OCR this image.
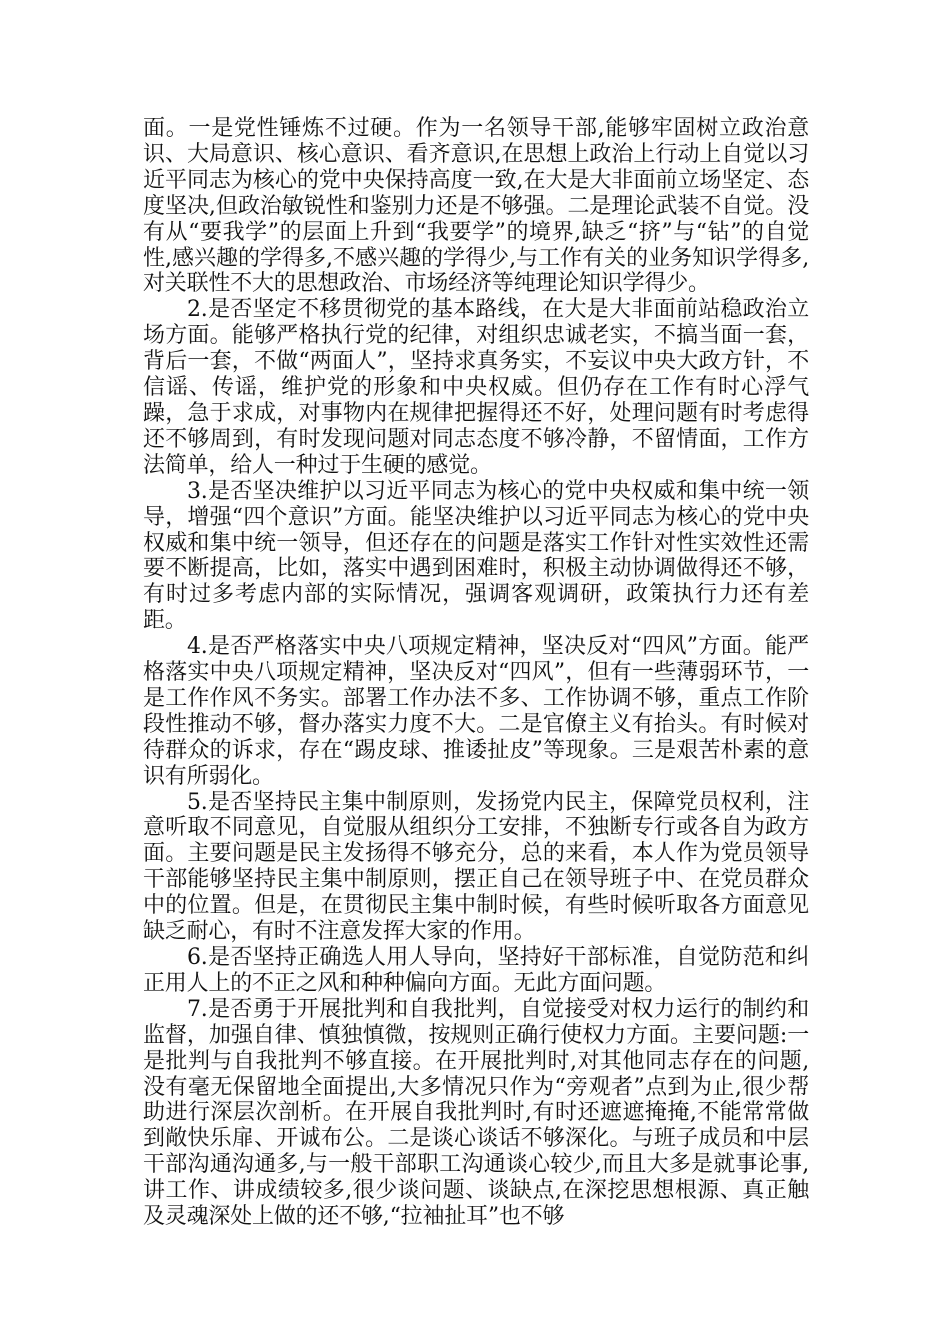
面。一是党性锤炼不过硬。作为一名领导干部,能够牢固树立政治意识、大局意识、核心意识、看齐意识,在思想上政治上行动上自觉以习近平同志为核心的党中央保持高度一致,在大是大非面前立场坚定、态度坚决,但政治敏锐性和鉴别力还是不够强。二是理论武装不自觉。没有从“要我学”的层面上升到“我要学”的境界,缺乏“挤”与“钻”的自觉性,感兴趣的学得多,不感兴趣的学得少,与工作有关的业务知识学得多,对关联性不大的思想政治、市场经济等纯理论知识学得少。

2.是否坚定不移贯彻党的基本路线，在大是大非面前站稳政治立场方面。能够严格执行党的纪律，对组织忠诚老实，不搞当面一套，背后一套，不做“两面人”，坚持求真务实，不妄议中央大政方针，不信谣、传谣，维护党的形象和中央权威。但仍存在工作有时心浮气躁，急于求成，对事物内在规律把握得还不好，处理问题有时考虑得还不够周到，有时发现问题对同志态度不够冷静，不留情面，工作方法简单，给人一种过于生硬的感觉。

3.是否坚决维护以习近平同志为核心的党中央权威和集中统一领导，增强“四个意识”方面。能坚决维护以习近平同志为核心的党中央权威和集中统一领导，但还存在的问题是落实工作针对性实效性还需要不断提高，比如，落实中遇到困难时，积极主动协调做得还不够，有时过多考虑内部的实际情况，强调客观调研，政策执行力还有差距。

4.是否严格落实中央八项规定精神，坚决反对“四风”方面。能严格落实中央八项规定精神，坚决反对“四风”，但有一些薄弱环节，一是工作作风不务实。部署工作办法不多、工作协调不够，重点工作阶段性推动不够，督办落实力度不大。二是官僚主义有抬头。有时候对待群众的诉求，存在“踢皮球、推诿扯皮”等现象。三是艰苦朴素的意识有所弱化。

5.是否坚持民主集中制原则，发扬党内民主，保障党员权利，注意听取不同意见，自觉服从组织分工安排，不独断专行或各自为政方面。主要问题是民主发扬得不够充分，总的来看，本人作为党员领导干部能够坚持民主集中制原则，摆正自己在领导班子中、在党员群众中的位置。但是，在贯彻民主集中制时候，有些时候听取各方面意见缺乏耐心，有时不注意发挥大家的作用。

6.是否坚持正确选人用人导向，坚持好干部标准，自觉防范和纠正用人上的不正之风和种种偏向方面。无此方面问题。

7.是否勇于开展批判和自我批判，自觉接受对权力运行的制约和监督，加强自律、慎独慎微，按规则正确行使权力方面。主要问题:一是批判与自我批判不够直接。在开展批判时,对其他同志存在的问题,没有毫无保留地全面提出,大多情况只作为“旁观者”点到为止,很少帮助进行深层次剖析。在开展自我批判时,有时还遮遮掩掩,不能常常做到敞快乐扉、开诚布公。二是谈心谈话不够深化。与班子成员和中层干部沟通沟通多,与一般干部职工沟通谈心较少,而且大多是就事论事,讲工作、讲成绩较多,很少谈问题、谈缺点,在深挖思想根源、真正触及灵魂深处上做的还不够,“拉袖扯耳”也不够
